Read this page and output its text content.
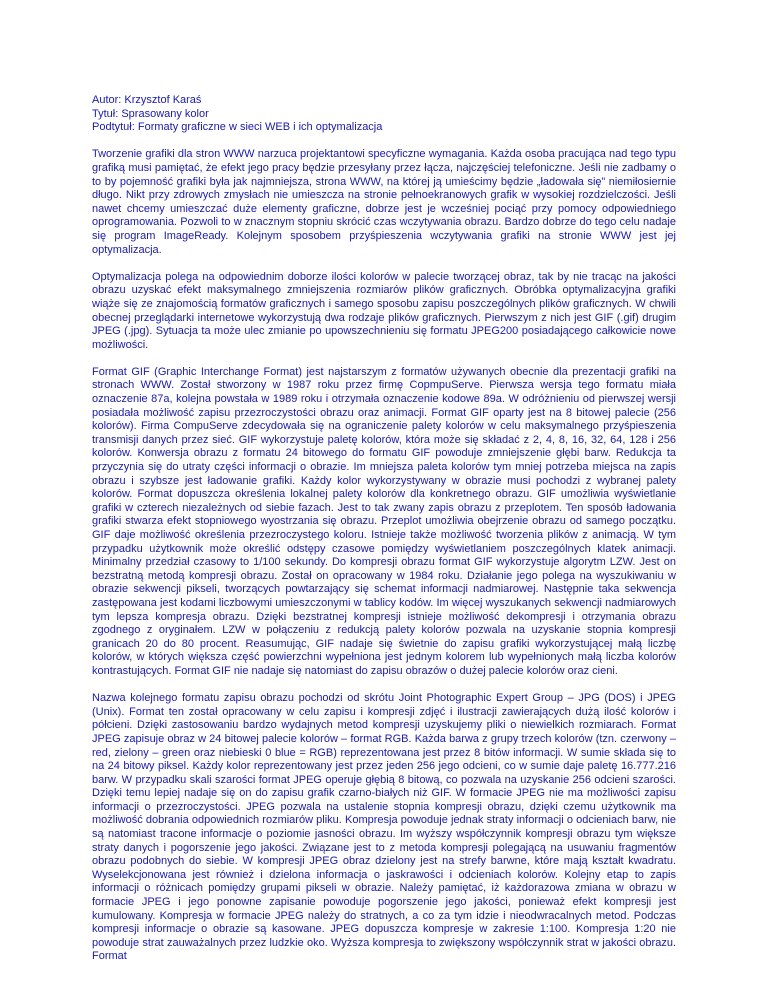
Autor: Krzysztof Karaś
Tytuł: Sprasowany kolor
Podtytuł: Formaty graficzne w sieci WEB i ich optymalizacja

Tworzenie grafiki dla stron WWW narzuca projektantowi specyficzne wymagania. Każda osoba pracująca nad tego typu grafiką musi pamiętać, że efekt jego pracy będzie przesyłany przez łącza, najczęściej telefoniczne. Jeśli nie zadbamy o to by pojemność grafiki była jak najmniejsza, strona WWW, na której ją umieścimy będzie „ładowała się” niemiłosiernie długo. Nikt przy zdrowych zmysłach nie umieszcza na stronie pełnoekranowych grafik w wysokiej rozdzielczości. Jeśli nawet chcemy umieszczać duże elementy graficzne, dobrze jest je wcześniej pociąć przy pomocy odpowiedniego oprogramowania. Pozwoli to w znacznym stopniu skrócić czas wczytywania obrazu. Bardzo dobrze do tego celu nadaje się program ImageReady. Kolejnym sposobem przyśpieszenia wczytywania grafiki na stronie WWW jest jej optymalizacja.

Optymalizacja polega na odpowiednim doborze ilości kolorów w palecie tworzącej obraz, tak by nie tracąc na jakości obrazu uzyskać efekt maksymalnego zmniejszenia rozmiarów plików graficznych. Obróbka optymalizacyjna grafiki wiąże się ze znajomością formatów graficznych i samego sposobu zapisu poszczególnych plików graficznych. W chwili obecnej przeglądarki internetowe wykorzystują dwa rodzaje plików graficznych. Pierwszym z nich jest GIF (.gif) drugim JPEG (.jpg). Sytuacja ta może ulec zmianie po upowszechnieniu się formatu JPEG200 posiadającego całkowicie nowe możliwości.

Format GIF (Graphic Interchange Format) jest najstarszym z formatów używanych obecnie dla prezentacji grafiki na stronach WWW. Został stworzony w 1987 roku przez firmę CopmpuServe. Pierwsza wersja tego formatu miała oznaczenie 87a, kolejna powstała w 1989 roku i otrzymała oznaczenie kodowe 89a. W odróżnieniu od pierwszej wersji posiadała możliwość zapisu przezroczystości obrazu oraz animacji. Format GIF oparty jest na 8 bitowej palecie (256 kolorów). Firma CompuServe zdecydowała się na ograniczenie palety kolorów w celu maksymalnego przyśpieszenia transmisji danych przez sieć. GIF wykorzystuje paletę kolorów, która może się składać z 2, 4, 8, 16, 32, 64, 128 i 256 kolorów. Konwersja obrazu z formatu 24 bitowego do formatu GIF powoduje zmniejszenie głębi barw. Redukcja ta przyczynia się do utraty części informacji o obrazie. Im mniejsza paleta kolorów tym mniej potrzeba miejsca na zapis obrazu i szybsze jest ładowanie grafiki. Każdy kolor wykorzystywany w obrazie musi pochodzi z wybranej palety kolorów. Format dopuszcza określenia lokalnej palety kolorów dla konkretnego obrazu. GIF umożliwia wyświetlanie grafiki w czterech niezależnych od siebie fazach. Jest to tak zwany zapis obrazu z przeplotem. Ten sposób ładowania grafiki stwarza efekt stopniowego wyostrzania się obrazu. Przeplot umożliwia obejrzenie obrazu od samego początku. GIF daje możliwość określenia przezroczystego koloru. Istnieje także możliwość tworzenia plików z animacją. W tym przypadku użytkownik może określić odstępy czasowe pomiędzy wyświetlaniem poszczególnych klatek animacji. Minimalny przedział czasowy to 1/100 sekundy. Do kompresji obrazu format GIF wykorzystuje algorytm LZW. Jest on bezstratną metodą kompresji obrazu. Został on opracowany w 1984 roku. Działanie jego polega na wyszukiwaniu w obrazie sekwencji pikseli, tworzących powtarzający się schemat informacji nadmiarowej. Następnie taka sekwencja zastępowana jest kodami liczbowymi umieszczonymi w tablicy kodów. Im więcej wyszukanych sekwencji nadmiarowych tym lepsza kompresja obrazu. Dzięki bezstratnej kompresji istnieje możliwość dekompresji i otrzymania obrazu zgodnego z oryginałem. LZW w połączeniu z redukcją palety kolorów pozwala na uzyskanie stopnia kompresji granicach 20 do 80 procent. Reasumując, GIF nadaje się świetnie do zapisu grafiki wykorzystującej małą liczbę kolorów, w których większa część powierzchni wypełniona jest jednym kolorem lub wypełnionych małą liczba kolorów kontrastujących. Format GIF nie nadaje się natomiast do zapisu obrazów o dużej palecie kolorów oraz cieni.

Nazwa kolejnego formatu zapisu obrazu pochodzi od skrótu Joint Photographic Expert Group – JPG (DOS) i JPEG (Unix). Format ten został opracowany w celu zapisu i kompresji zdjęć i ilustracji zawierających dużą ilość kolorów i półcieni. Dzięki zastosowaniu bardzo wydajnych metod kompresji uzyskujemy pliki o niewielkich rozmiarach. Format JPEG zapisuje obraz w 24 bitowej palecie kolorów – format RGB. Każda barwa z grupy trzech kolorów (tzn. czerwony – red, zielony – green oraz niebieski 0 blue = RGB) reprezentowana jest przez 8 bitów informacji. W sumie składa się to na 24 bitowy piksel. Każdy kolor reprezentowany jest przez jeden 256 jego odcieni, co w sumie daje paletę 16.777.216 barw. W przypadku skali szarości format JPEG operuje głębią 8 bitową, co pozwala na uzyskanie 256 odcieni szarości. Dzięki temu lepiej nadaje się on do zapisu grafik czarno-białych niż GIF. W formacie JPEG nie ma możliwości zapisu informacji o przezroczystości. JPEG pozwala na ustalenie stopnia kompresji obrazu, dzięki czemu użytkownik ma możliwość dobrania odpowiednich rozmiarów pliku. Kompresja powoduje jednak straty informacji o odcieniach barw, nie są natomiast tracone informacje o poziomie jasności obrazu. Im wyższy współczynnik kompresji obrazu tym większe straty danych i pogorszenie jego jakości. Związane jest to z metoda kompresji polegającą na usuwaniu fragmentów obrazu podobnych do siebie. W kompresji JPEG obraz dzielony jest na strefy barwne, które mają kształt kwadratu. Wyselekcjonowana jest również i dzielona informacja o jaskrawości i odcieniach kolorów. Kolejny etap to zapis informacji o różnicach pomiędzy grupami pikseli w obrazie. Należy pamiętać, iż każdorazowa zmiana w obrazu w formacie JPEG i jego ponowne zapisanie powoduje pogorszenie jego jakości, ponieważ efekt kompresji jest kumulowany. Kompresja w formacie JPEG należy do stratnych, a co za tym idzie i nieodwracalnych metod. Podczas kompresji informacje o obrazie są kasowane. JPEG dopuszcza kompresje w zakresie 1:100. Kompresja 1:20 nie powoduje strat zauważalnych przez ludzkie oko. Wyższa kompresja to zwiększony współczynnik strat w jakości obrazu. Format
